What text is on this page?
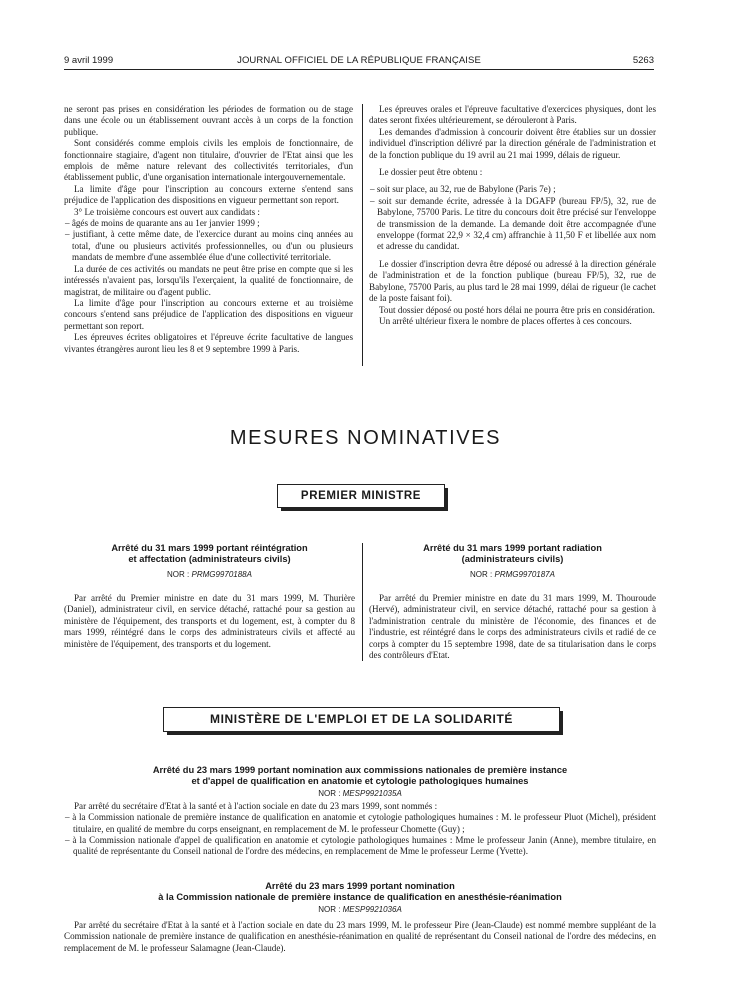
9 avril 1999	JOURNAL OFFICIEL DE LA RÉPUBLIQUE FRANÇAISE	5263

ne seront pas prises en considération les périodes de formation ou de stage dans une école ou un établissement ouvrant accès à un corps de la fonction publique.

Sont considérés comme emplois civils les emplois de fonctionnaire, de fonctionnaire stagiaire, d'agent non titulaire, d'ouvrier de l'Etat ainsi que les emplois de même nature relevant des collectivités territoriales, d'un établissement public, d'une organisation internationale intergouvernementale.

La limite d'âge pour l'inscription au concours externe s'entend sans préjudice de l'application des dispositions en vigueur permettant son report.

3° Le troisième concours est ouvert aux candidats :

– âgés de moins de quarante ans au 1er janvier 1999 ;

– justifiant, à cette même date, de l'exercice durant au moins cinq années au total, d'une ou plusieurs activités professionnelles, ou d'un ou plusieurs mandats de membre d'une assemblée élue d'une collectivité territoriale.

La durée de ces activités ou mandats ne peut être prise en compte que si les intéressés n'avaient pas, lorsqu'ils l'exerçaient, la qualité de fonctionnaire, de magistrat, de militaire ou d'agent public.

La limite d'âge pour l'inscription au concours externe et au troisième concours s'entend sans préjudice de l'application des dispositions en vigueur permettant son report.

Les épreuves écrites obligatoires et l'épreuve écrite facultative de langues vivantes étrangères auront lieu les 8 et 9 septembre 1999 à Paris.

Les épreuves orales et l'épreuve facultative d'exercices physiques, dont les dates seront fixées ultérieurement, se dérouleront à Paris.

Les demandes d'admission à concourir doivent être établies sur un dossier individuel d'inscription délivré par la direction générale de l'administration et de la fonction publique du 19 avril au 21 mai 1999, délais de rigueur.

Le dossier peut être obtenu :

– soit sur place, au 32, rue de Babylone (Paris 7e) ;

– soit sur demande écrite, adressée à la DGAFP (bureau FP/5), 32, rue de Babylone, 75700 Paris. Le titre du concours doit être précisé sur l'enveloppe de transmission de la demande. La demande doit être accompagnée d'une enveloppe (format 22,9 × 32,4 cm) affranchie à 11,50 F et libellée aux nom et adresse du candidat.

Le dossier d'inscription devra être déposé ou adressé à la direction générale de l'administration et de la fonction publique (bureau FP/5), 32, rue de Babylone, 75700 Paris, au plus tard le 28 mai 1999, délai de rigueur (le cachet de la poste faisant foi).

Tout dossier déposé ou posté hors délai ne pourra être pris en considération.

Un arrêté ultérieur fixera le nombre de places offertes à ces concours.

MESURES NOMINATIVES
PREMIER MINISTRE
Arrêté du 31 mars 1999 portant réintégration
et affectation (administrateurs civils)
NOR : PRMG9970188A

Par arrêté du Premier ministre en date du 31 mars 1999, M. Thurière (Daniel), administrateur civil, en service détaché, rattaché pour sa gestion au ministère de l'équipement, des transports et du logement, est, à compter du 8 mars 1999, réintégré dans le corps des administrateurs civils et affecté au ministère de l'équipement, des transports et du logement.

Arrêté du 31 mars 1999 portant radiation
(administrateurs civils)
NOR : PRMG9970187A

Par arrêté du Premier ministre en date du 31 mars 1999, M. Thouroude (Hervé), administrateur civil, en service détaché, rattaché pour sa gestion à l'administration centrale du ministère de l'économie, des finances et de l'industrie, est réintégré dans le corps des administrateurs civils et radié de ce corps à compter du 15 septembre 1998, date de sa titularisation dans le corps des contrôleurs d'Etat.

MINISTÈRE DE L'EMPLOI ET DE LA SOLIDARITÉ
Arrêté du 23 mars 1999 portant nomination aux commissions nationales de première instance
et d'appel de qualification en anatomie et cytologie pathologiques humaines
NOR : MESP9921035A

Par arrêté du secrétaire d'Etat à la santé et à l'action sociale en date du 23 mars 1999, sont nommés :

– à la Commission nationale de première instance de qualification en anatomie et cytologie pathologiques humaines : M. le professeur Pluot (Michel), président titulaire, en qualité de membre du corps enseignant, en remplacement de M. le professeur Chomette (Guy) ;

– à la Commission nationale d'appel de qualification en anatomie et cytologie pathologiques humaines : Mme le professeur Janin (Anne), membre titulaire, en qualité de représentante du Conseil national de l'ordre des médecins, en remplacement de Mme le professeur Lerme (Yvette).

Arrêté du 23 mars 1999 portant nomination
à la Commission nationale de première instance de qualification en anesthésie-réanimation
NOR : MESP9921036A

Par arrêté du secrétaire d'Etat à la santé et à l'action sociale en date du 23 mars 1999, M. le professeur Pire (Jean-Claude) est nommé membre suppléant de la Commission nationale de première instance de qualification en anesthésie-réanimation en qualité de représentant du Conseil national de l'ordre des médecins, en remplacement de M. le professeur Salamagne (Jean-Claude).
